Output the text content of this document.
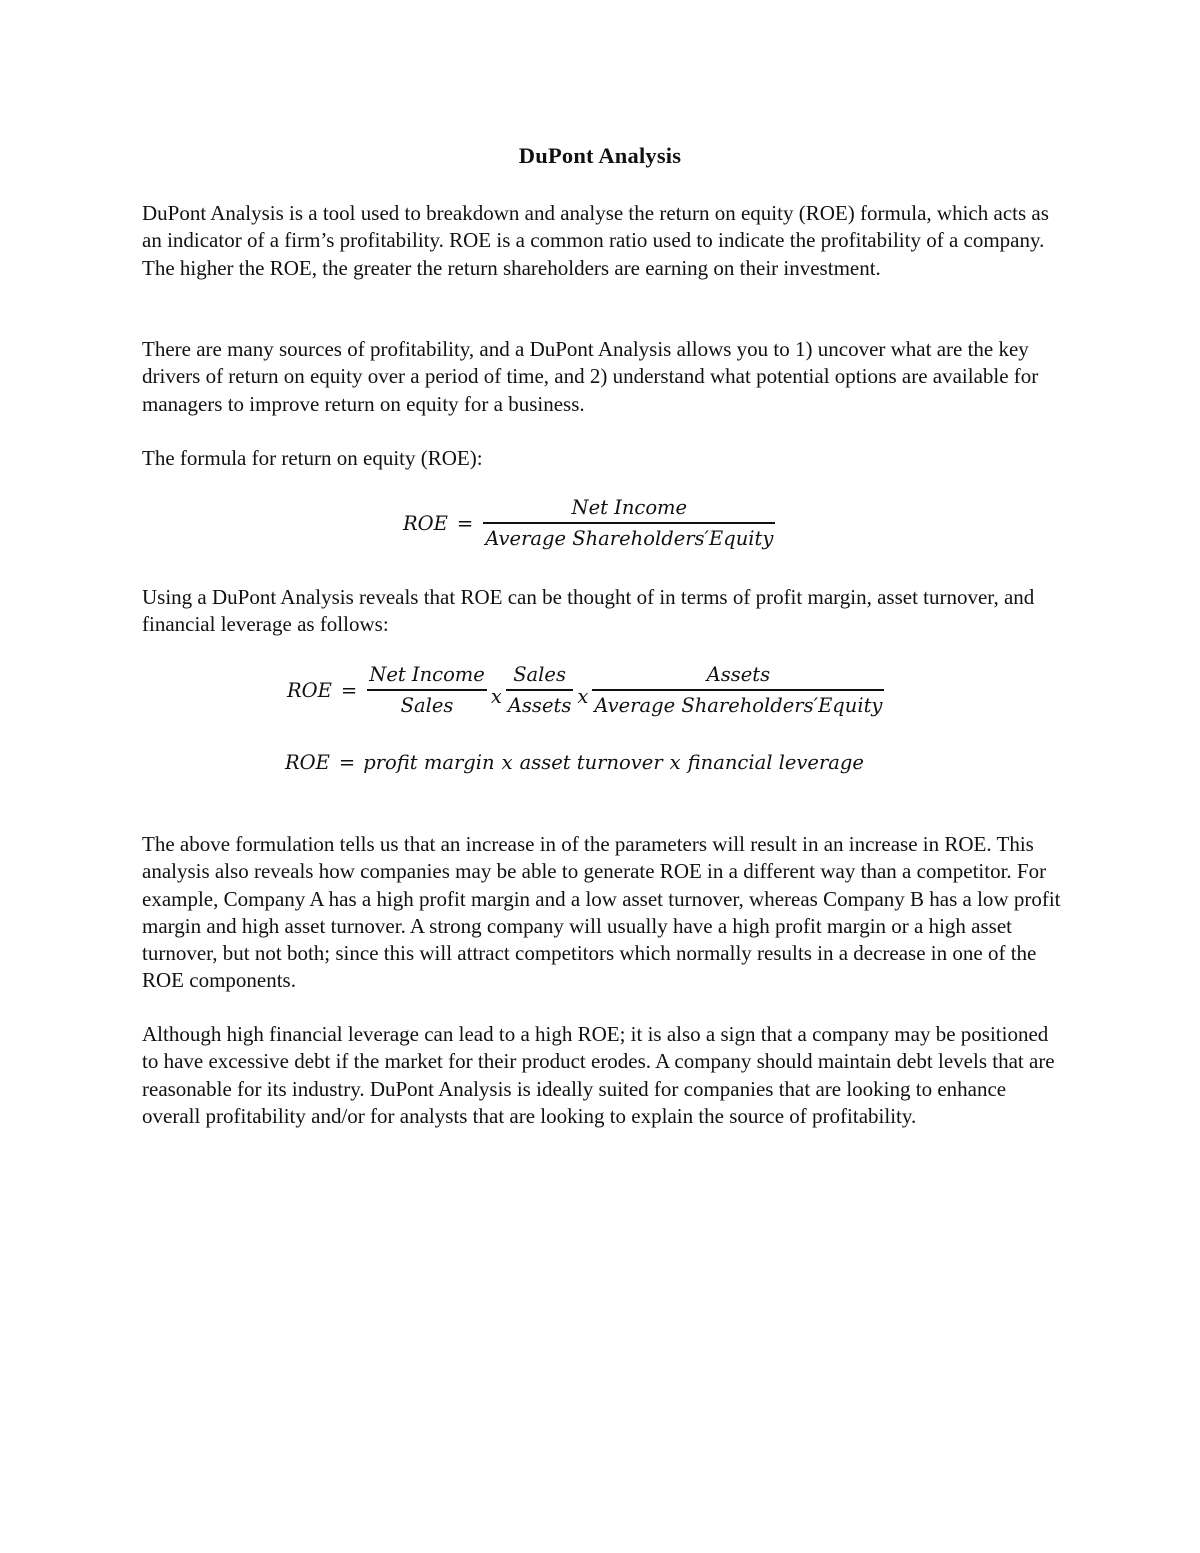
DuPont Analysis

DuPont Analysis is a tool used to breakdown and analyse the return on equity (ROE) formula, which acts as an indicator of a firm’s profitability. ROE is a common ratio used to indicate the profitability of a company. The higher the ROE, the greater the return shareholders are earning on their investment.

There are many sources of profitability, and a DuPont Analysis allows you to 1) uncover what are the key drivers of return on equity over a period of time, and 2) understand what potential options are available for managers to improve return on equity for a business.

The formula for return on equity (ROE):

ROE = $\frac{\text{Net Income}}{\text{Average Shareholders′Equity}}$

Using a DuPont Analysis reveals that ROE can be thought of in terms of profit margin, asset turnover, and financial leverage as follows:

ROE = $\frac{\text{Net Income}}{\text{Sales}}$ x $\frac{\text{Sales}}{\text{Assets}}$ x $\frac{\text{Assets}}{\text{Average Shareholders′Equity}}$
ROE = profit margin x asset turnover x financial leverage

The above formulation tells us that an increase in of the parameters will result in an increase in ROE. This analysis also reveals how companies may be able to generate ROE in a different way than a competitor. For example, Company A has a high profit margin and a low asset turnover, whereas Company B has a low profit margin and high asset turnover. A strong company will usually have a high profit margin or a high asset turnover, but not both; since this will attract competitors which normally results in a decrease in one of the ROE components.

Although high financial leverage can lead to a high ROE; it is also a sign that a company may be positioned to have excessive debt if the market for their product erodes. A company should maintain debt levels that are reasonable for its industry. DuPont Analysis is ideally suited for companies that are looking to enhance overall profitability and/or for analysts that are looking to explain the source of profitability.
